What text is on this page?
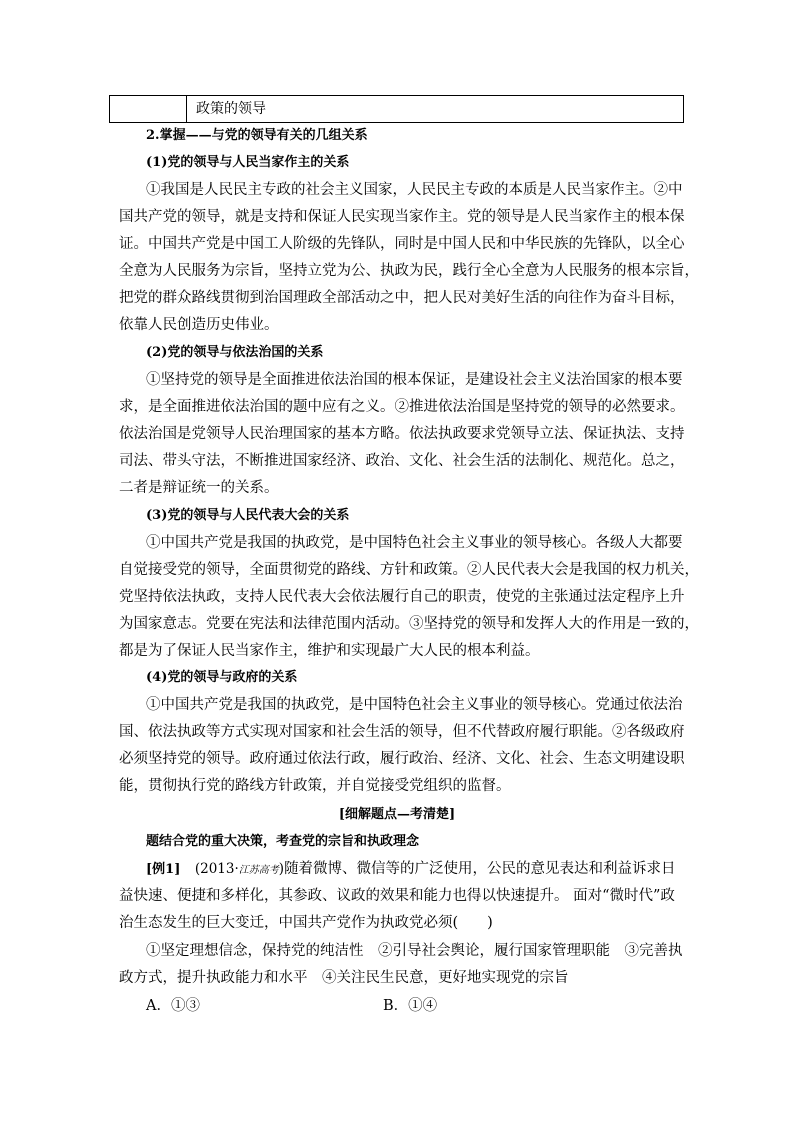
政策的领导
2.掌握——与党的领导有关的几组关系
(1)党的领导与人民当家作主的关系
①我国是人民民主专政的社会主义国家，人民民主专政的本质是人民当家作主。②中
国共产党的领导，就是支持和保证人民实现当家作主。党的领导是人民当家作主的根本保
证。中国共产党是中国工人阶级的先锋队，同时是中国人民和中华民族的先锋队，以全心
全意为人民服务为宗旨，坚持立党为公、执政为民，践行全心全意为人民服务的根本宗旨，
把党的群众路线贯彻到治国理政全部活动之中，把人民对美好生活的向往作为奋斗目标，
依靠人民创造历史伟业。
(2)党的领导与依法治国的关系
①坚持党的领导是全面推进依法治国的根本保证，是建设社会主义法治国家的根本要
求，是全面推进依法治国的题中应有之义。②推进依法治国是坚持党的领导的必然要求。
依法治国是党领导人民治理国家的基本方略。依法执政要求党领导立法、保证执法、支持
司法、带头守法，不断推进国家经济、政治、文化、社会生活的法制化、规范化。总之，
二者是辩证统一的关系。
(3)党的领导与人民代表大会的关系
①中国共产党是我国的执政党，是中国特色社会主义事业的领导核心。各级人大都要
自觉接受党的领导，全面贯彻党的路线、方针和政策。②人民代表大会是我国的权力机关，
党坚持依法执政，支持人民代表大会依法履行自己的职责，使党的主张通过法定程序上升
为国家意志。党要在宪法和法律范围内活动。③坚持党的领导和发挥人大的作用是一致的，
都是为了保证人民当家作主，维护和实现最广大人民的根本利益。
(4)党的领导与政府的关系
①中国共产党是我国的执政党，是中国特色社会主义事业的领导核心。党通过依法治
国、依法执政等方式实现对国家和社会生活的领导，但不代替政府履行职能。②各级政府
必须坚持党的领导。政府通过依法行政，履行政治、经济、文化、社会、生态文明建设职
能，贯彻执行党的路线方针政策，并自觉接受党组织的监督。
[细解题点—考清楚]
题结合党的重大决策，考查党的宗旨和执政理念
[例1]  (2013·江苏高考)随着微博、微信等的广泛使用，公民的意见表达和利益诉求日
益快速、便捷和多样化，其参政、议政的效果和能力也得以快速提升。 面对“微时代”政
治生态发生的巨大变迁，中国共产党作为执政党必须(　　)
①坚定理想信念，保持党的纯洁性　②引导社会舆论，履行国家管理职能　③完善执
政方式，提升执政能力和水平　④关注民生民意，更好地实现党的宗旨
A．①③	B．①④
